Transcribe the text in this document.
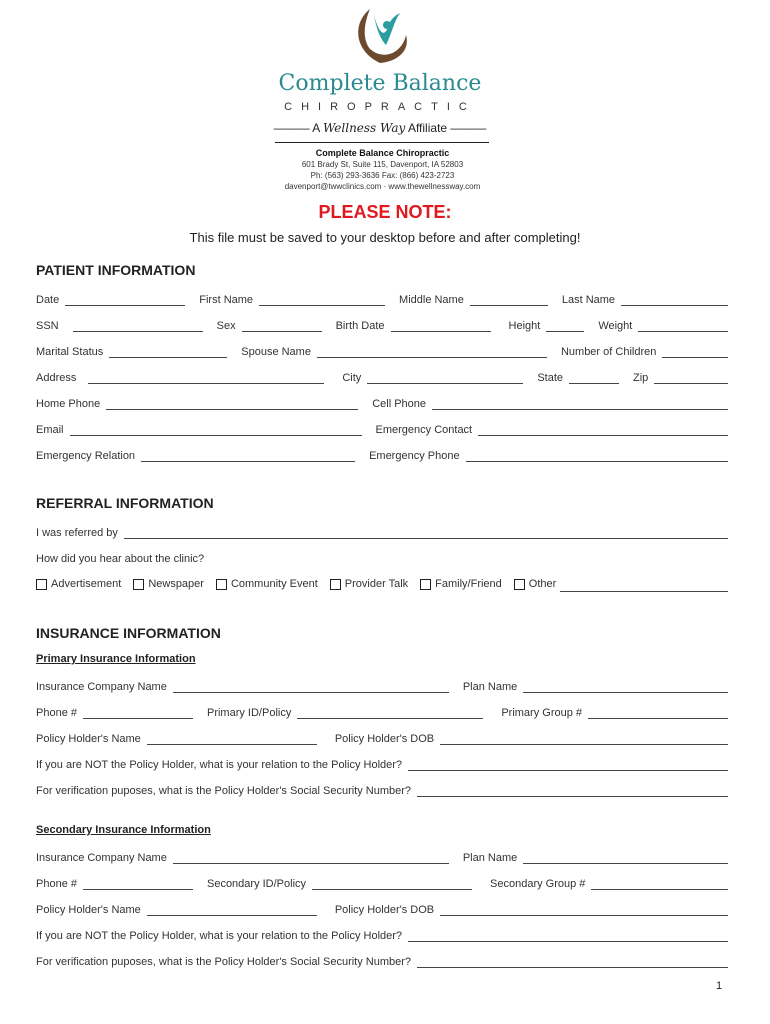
Complete Balance
CHIROPRACTIC
——— A Wellness Way Affiliate ———
Complete Balance Chiropractic
601 Brady St, Suite 115, Davenport, IA 52803
Ph: (563) 293-3636 Fax: (866) 423-2723
davenport@twwclinics.com · www.thewellnessway.com
PLEASE NOTE:
This file must be saved to your desktop before and after completing!
PATIENT INFORMATION
Date	First Name	Middle Name	Last Name
SSN	Sex	Birth Date	Height	Weight
Marital Status	Spouse Name	Number of Children
Address	City	State	Zip
Home Phone	Cell Phone
Email	Emergency Contact
Emergency Relation	Emergency Phone
REFERRAL INFORMATION
I was referred by
How did you hear about the clinic?
Advertisement Newspaper Community Event Provider Talk Family/Friend Other
INSURANCE INFORMATION
Primary Insurance Information
Insurance Company Name	Plan Name
Phone #	Primary ID/Policy	Primary Group #
Policy Holder's Name	Policy Holder's DOB
If you are NOT the Policy Holder, what is your relation to the Policy Holder?
For verification puposes, what is the Policy Holder's Social Security Number?
Secondary Insurance Information
Insurance Company Name	Plan Name
Phone #	Secondary ID/Policy	Secondary Group #
Policy Holder's Name	Policy Holder's DOB
If you are NOT the Policy Holder, what is your relation to the Policy Holder?
For verification puposes, what is the Policy Holder's Social Security Number?
1
